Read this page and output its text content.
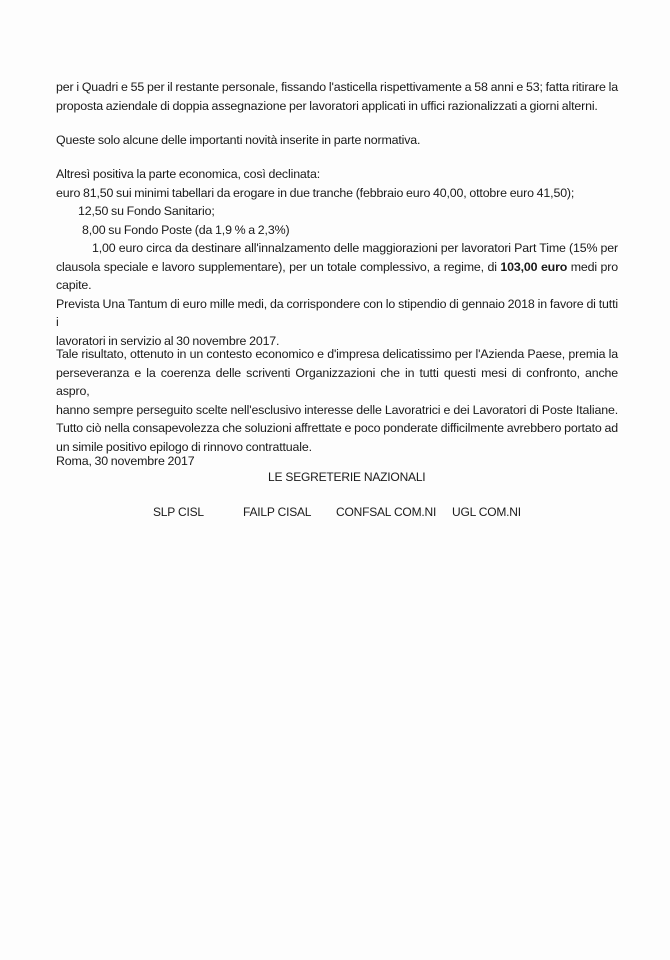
per i Quadri e 55 per il restante personale, fissando l'asticella rispettivamente a 58 anni e 53; fatta ritirare la
proposta aziendale di doppia assegnazione per lavoratori applicati in uffici razionalizzati a giorni alterni.
Queste solo alcune delle importanti novità inserite in parte normativa.
Altresì positiva la parte economica, così declinata:
euro 81,50 sui minimi tabellari da erogare in due tranche (febbraio euro 40,00, ottobre euro 41,50);
12,50 su Fondo Sanitario;
8,00 su Fondo Poste (da 1,9 % a 2,3%)
1,00 euro circa da destinare all'innalzamento delle maggiorazioni per lavoratori Part Time (15% per
clausola speciale e lavoro supplementare), per un totale complessivo, a regime, di 103,00 euro medi pro
capite.
Prevista Una Tantum di euro mille medi, da corrispondere con lo stipendio di gennaio 2018 in favore di tutti i
lavoratori in servizio al 30 novembre 2017.
Tale risultato, ottenuto in un contesto economico e d'impresa delicatissimo per l'Azienda Paese, premia la
perseveranza e la coerenza delle scriventi Organizzazioni che in tutti questi mesi di confronto, anche aspro,
hanno sempre perseguito scelte nell'esclusivo interesse delle Lavoratrici e dei Lavoratori di Poste Italiane.
Tutto ciò nella consapevolezza che soluzioni affrettate e poco ponderate difficilmente avrebbero portato ad
un simile positivo epilogo di rinnovo contrattuale.
Roma, 30 novembre 2017
LE SEGRETERIE NAZIONALI
SLP CISL	FAILP CISAL CONFSAL COM.NI UGL COM.NI
